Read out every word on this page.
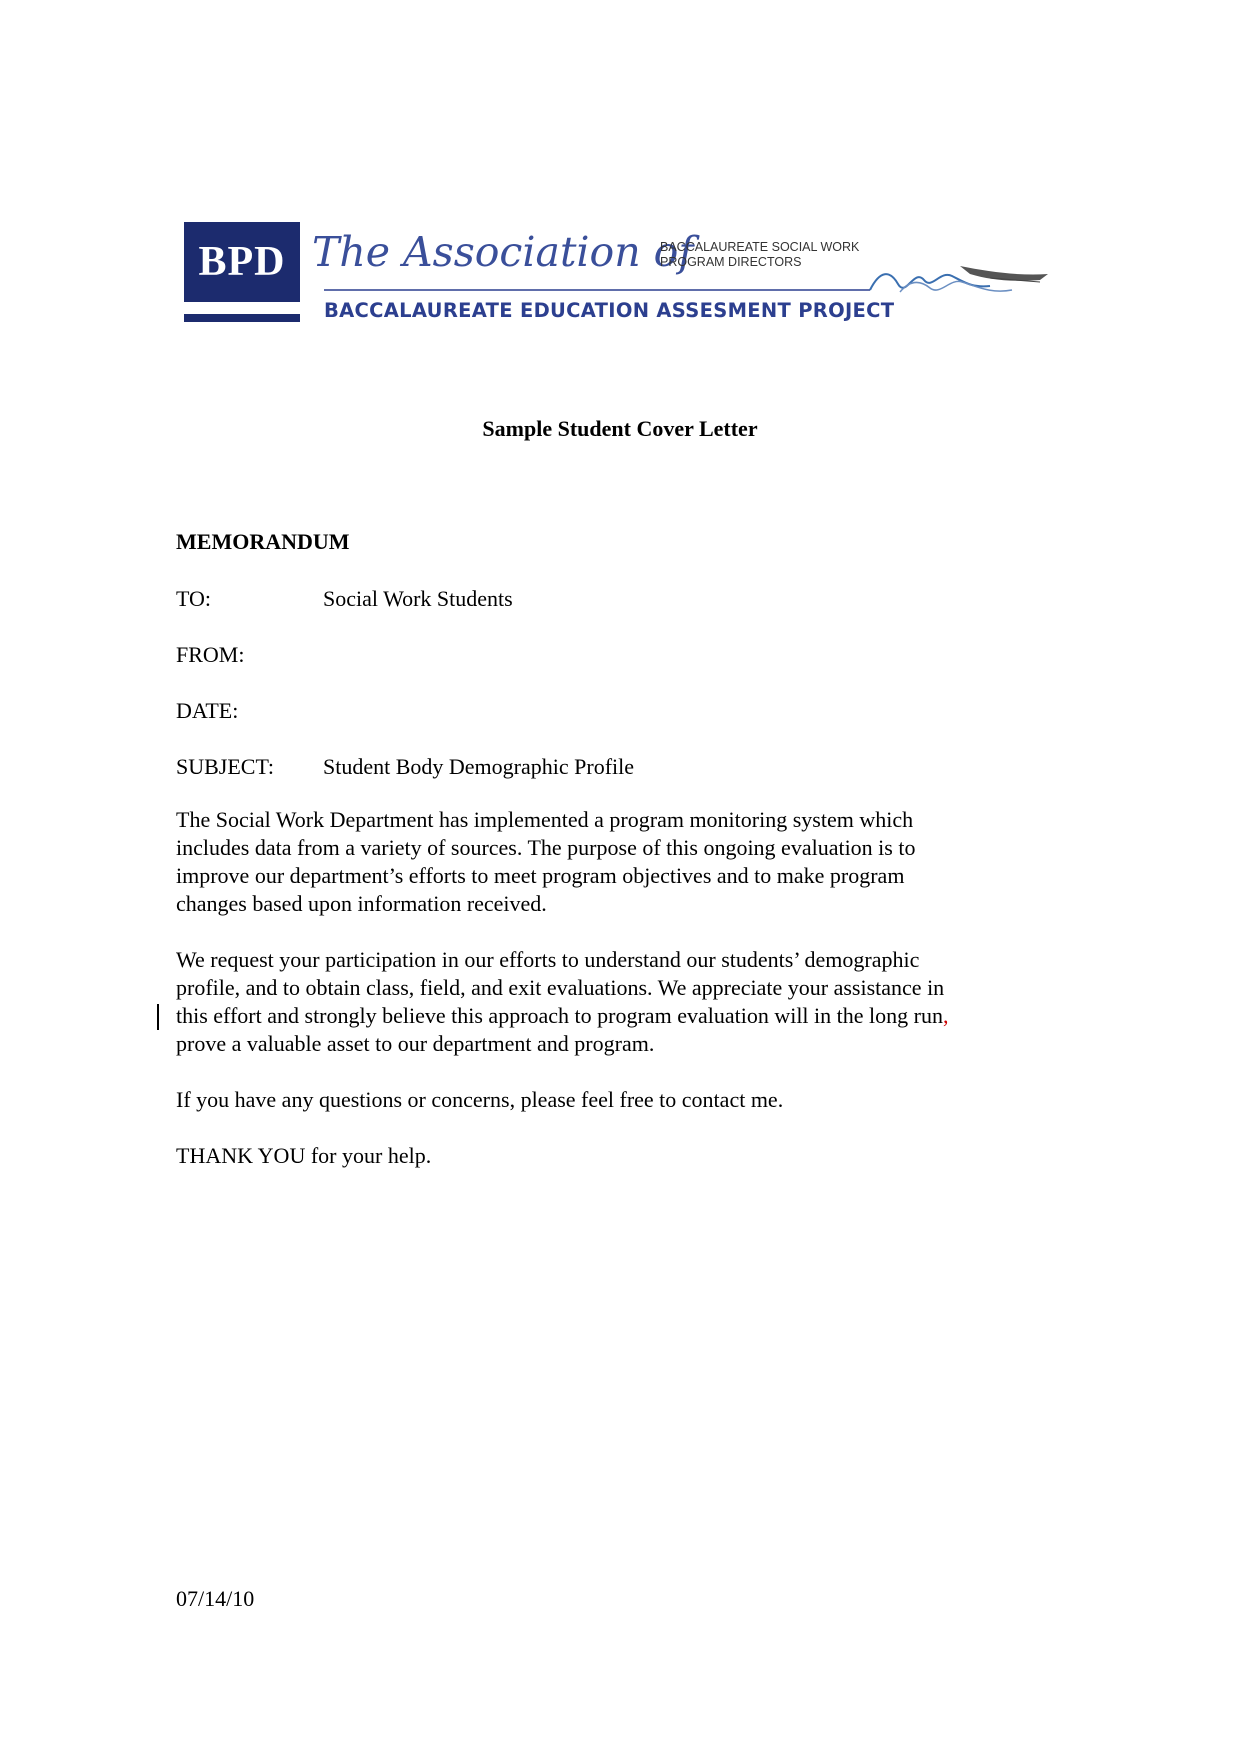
BPD The Association of
BACCALAUREATE SOCIAL WORK
PROGRAM DIRECTORS
BACCALAUREATE EDUCATION ASSESMENT PROJECT
Sample Student Cover Letter
MEMORANDUM
TO:	Social Work Students
FROM:
DATE:
SUBJECT: Student Body Demographic Profile
The Social Work Department has implemented a program monitoring system which
includes data from a variety of sources. The purpose of this ongoing evaluation is to
improve our department’s efforts to meet program objectives and to make program
changes based upon information received.
We request your participation in our efforts to understand our students’ demographic
profile, and to obtain class, field, and exit evaluations. We appreciate your assistance in
this effort and strongly believe this approach to program evaluation will in the long run,
prove a valuable asset to our department and program.
If you have any questions or concerns, please feel free to contact me.
THANK YOU for your help.
07/14/10
